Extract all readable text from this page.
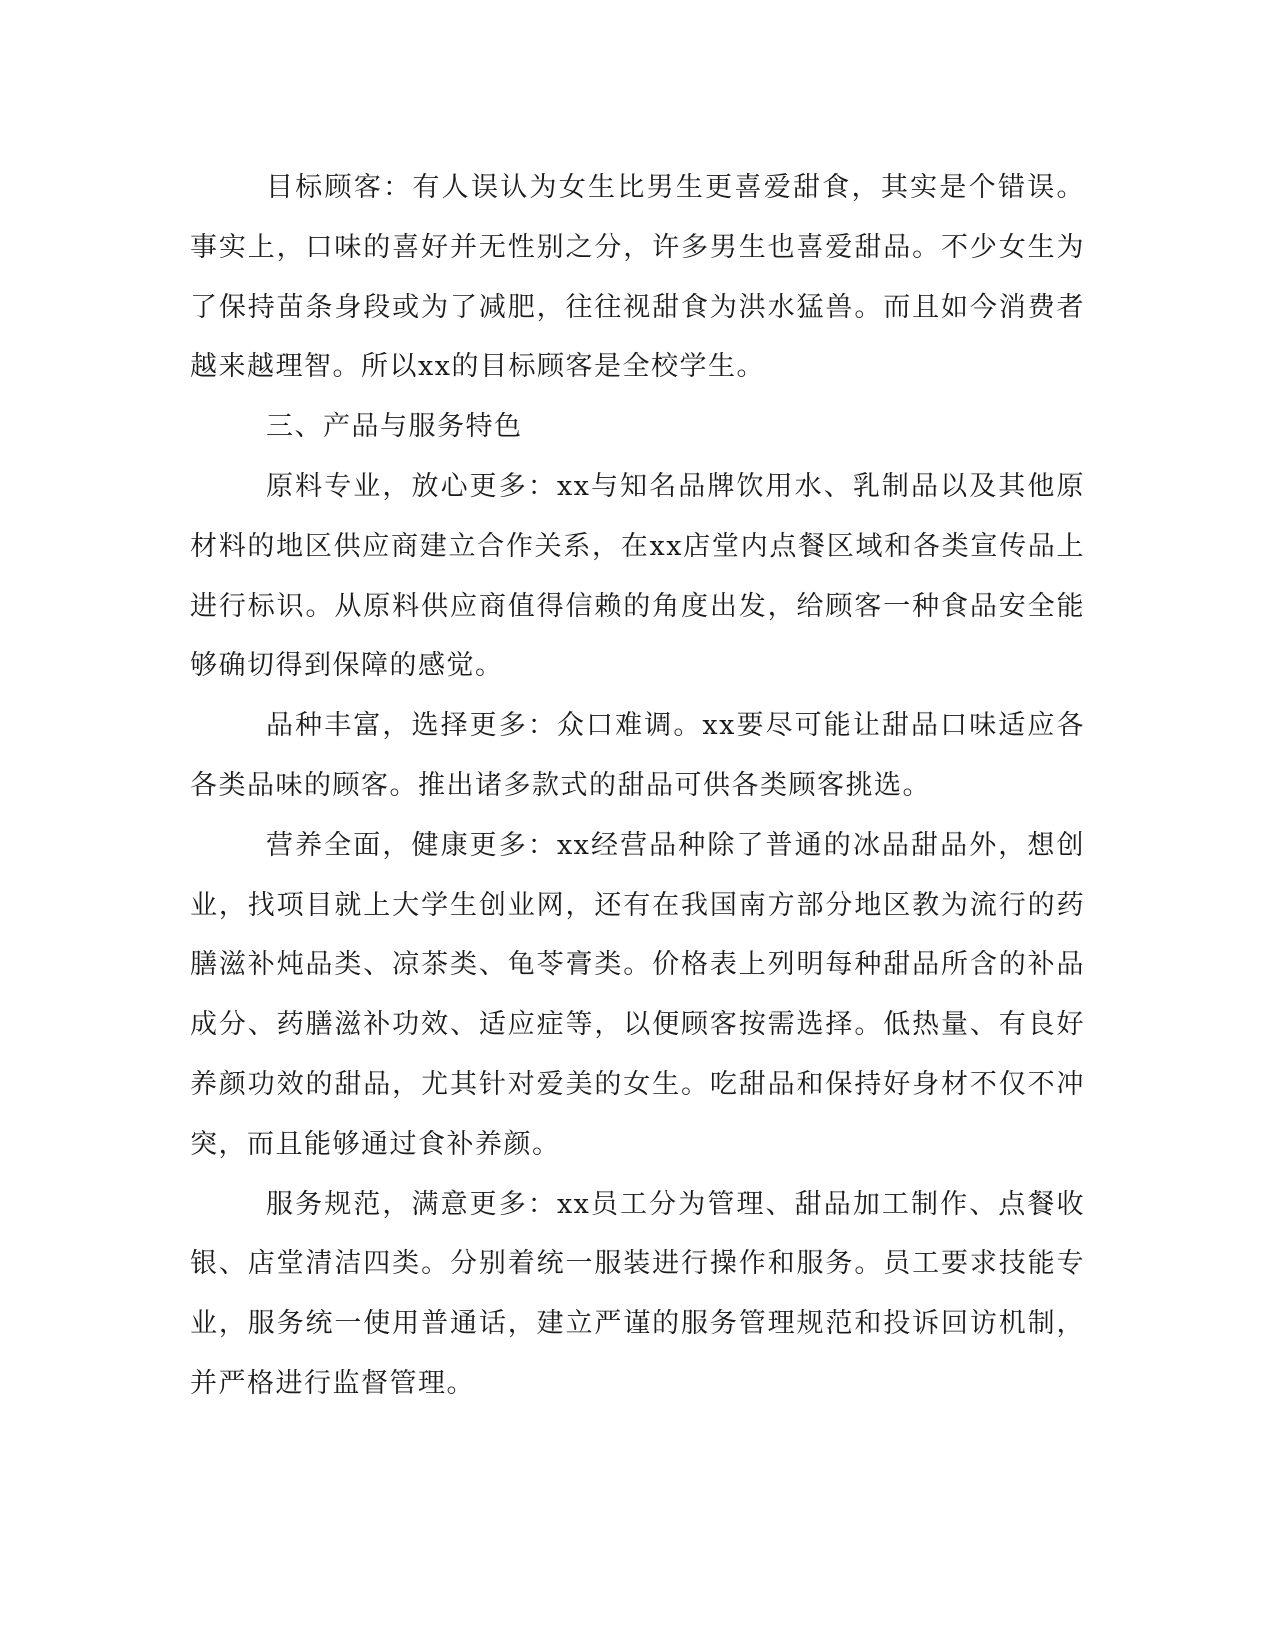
目标顾客：有人误认为女生比男生更喜爱甜食，其实是个错误。事实上，口味的喜好并无性别之分，许多男生也喜爱甜品。不少女生为了保持苗条身段或为了减肥，往往视甜食为洪水猛兽。而且如今消费者越来越理智。所以xx的目标顾客是全校学生。

三、产品与服务特色

原料专业，放心更多：xx与知名品牌饮用水、乳制品以及其他原材料的地区供应商建立合作关系，在xx店堂内点餐区域和各类宣传品上进行标识。从原料供应商值得信赖的角度出发，给顾客一种食品安全能够确切得到保障的感觉。

品种丰富，选择更多：众口难调。xx要尽可能让甜品口味适应各各类品味的顾客。推出诸多款式的甜品可供各类顾客挑选。

营养全面，健康更多：xx经营品种除了普通的冰品甜品外，想创业，找项目就上大学生创业网，还有在我国南方部分地区教为流行的药膳滋补炖品类、凉茶类、龟苓膏类。价格表上列明每种甜品所含的补品成分、药膳滋补功效、适应症等，以便顾客按需选择。低热量、有良好养颜功效的甜品，尤其针对爱美的女生。吃甜品和保持好身材不仅不冲突，而且能够通过食补养颜。

服务规范，满意更多：xx员工分为管理、甜品加工制作、点餐收银、店堂清洁四类。分别着统一服装进行操作和服务。员工要求技能专业，服务统一使用普通话，建立严谨的服务管理规范和投诉回访机制，并严格进行监督管理。
